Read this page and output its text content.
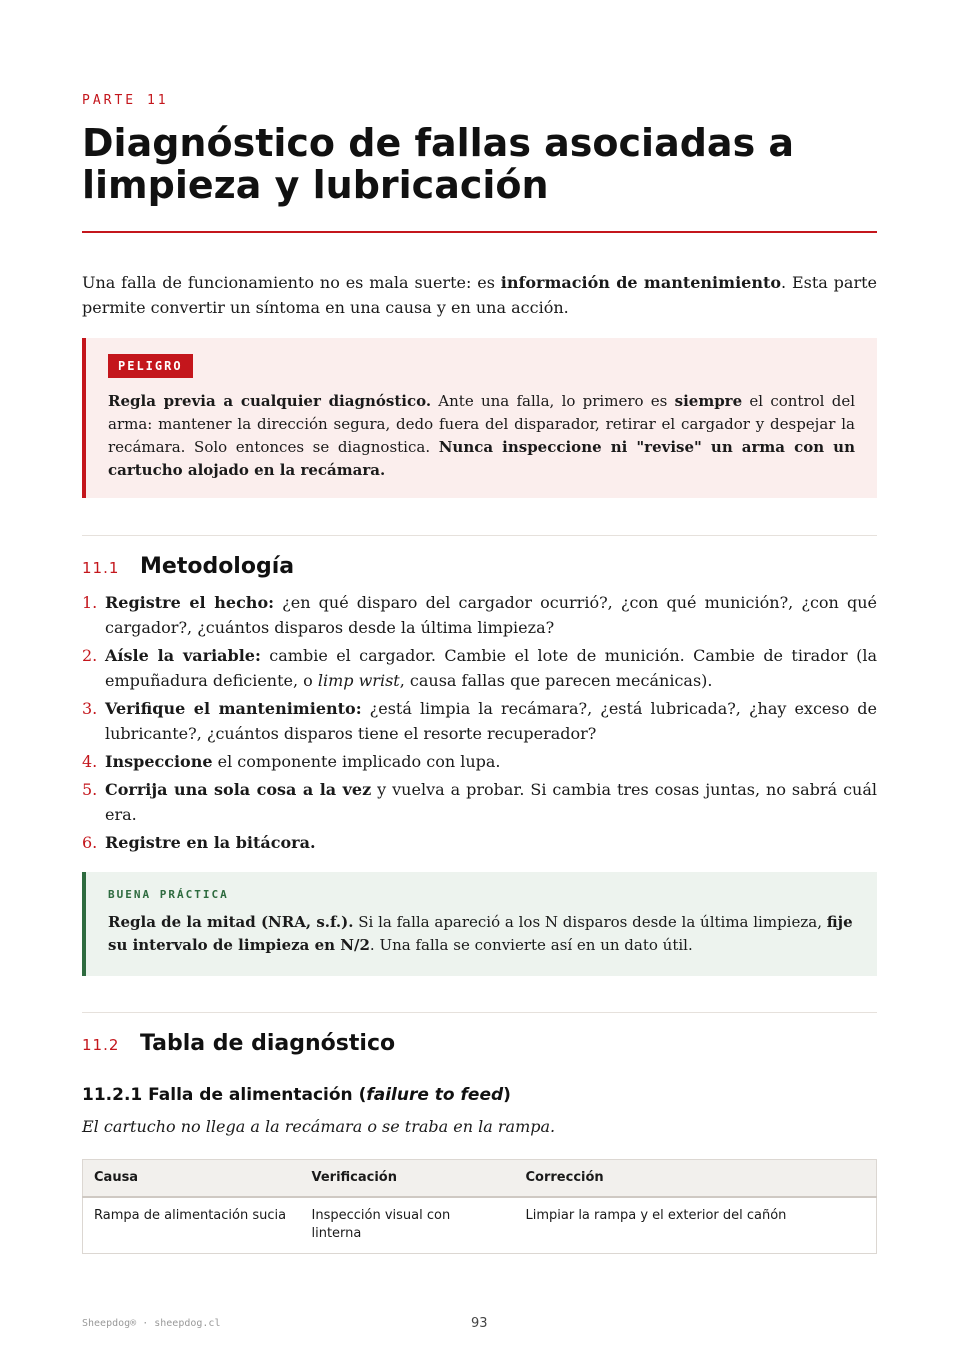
PARTE 11
Diagnóstico de fallas asociadas a limpieza y lubricación

Una falla de funcionamiento no es mala suerte: es información de mantenimiento. Esta parte permite convertir un síntoma en una causa y en una acción.

PELIGRO

Regla previa a cualquier diagnóstico. Ante una falla, lo primero es siempre el control del arma: mantener la dirección segura, dedo fuera del disparador, retirar el cargador y despejar la recámara. Solo entonces se diagnostica. Nunca inspeccione ni "revise" un arma con un cartucho alojado en la recámara.

11.1 Metodología
1. Registre el hecho: ¿en qué disparo del cargador ocurrió?, ¿con qué munición?, ¿con qué cargador?, ¿cuántos disparos desde la última limpieza?
2. Aísle la variable: cambie el cargador. Cambie el lote de munición. Cambie de tirador (la empuñadura deficiente, o limp wrist, causa fallas que parecen mecánicas).
3. Verifique el mantenimiento: ¿está limpia la recámara?, ¿está lubricada?, ¿hay exceso de lubricante?, ¿cuántos disparos tiene el resorte recuperador?
4. Inspeccione el componente implicado con lupa.
5. Corrija una sola cosa a la vez y vuelva a probar. Si cambia tres cosas juntas, no sabrá cuál era.
6. Registre en la bitácora.
BUENA PRÁCTICA

Regla de la mitad (NRA, s.f.). Si la falla apareció a los N disparos desde la última limpieza, fije su intervalo de limpieza en N/2. Una falla se convierte así en un dato útil.

11.2 Tabla de diagnóstico
11.2.1 Falla de alimentación (failure to feed)

El cartucho no llega a la recámara o se traba en la rampa.

Causa	Verificación	Corrección
Rampa de alimentación sucia	Inspección visual con linterna	Limpiar la rampa y el exterior del cañón
Sheepdog® · sheepdog.cl	93
